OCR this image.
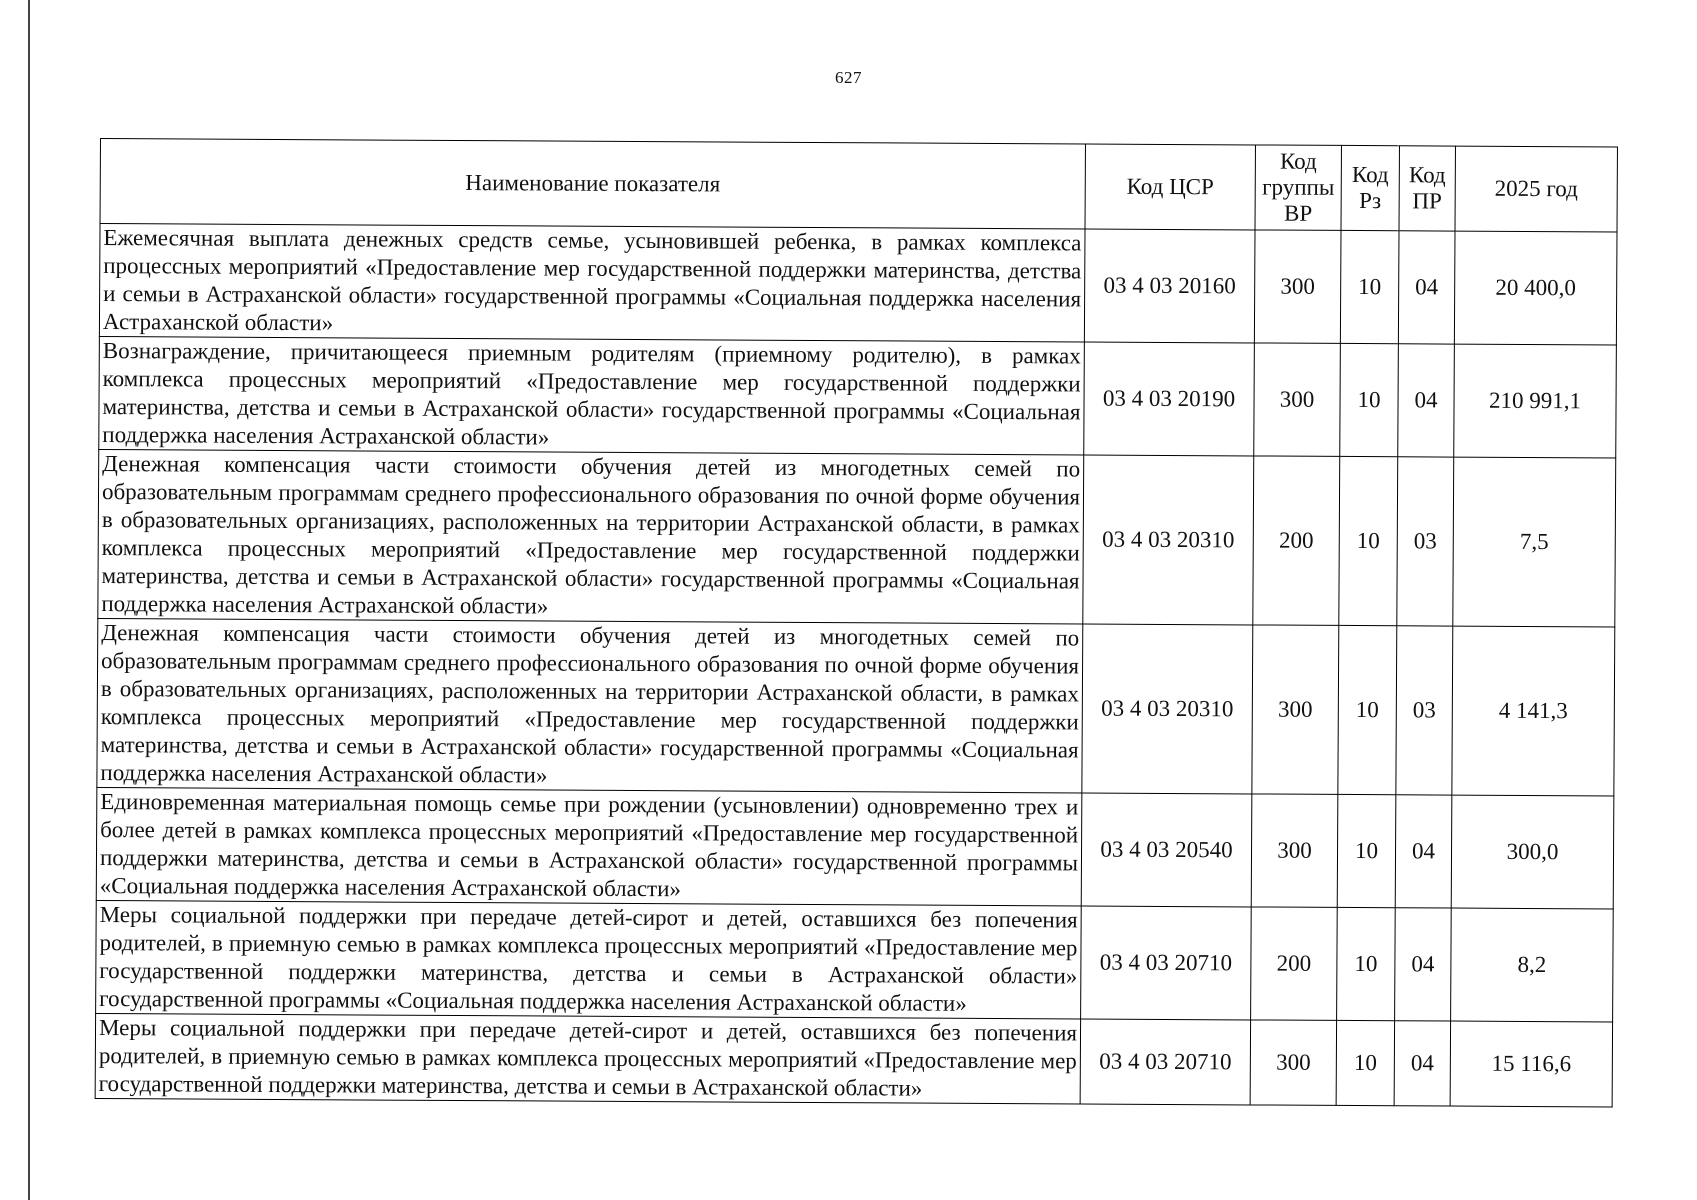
627
Наименование показателя	Код ЦСР	Код группы ВР	Код Рз	Код ПР	2025 год
Ежемесячная выплата денежных средств семье, усыновившей ребенка, в рамках комплекса процессных мероприятий «Предоставление мер государственной поддержки материнства, детства и семьи в Астраханской области» государственной программы «Социальная поддержка населения Астраханской области»	03 4 03 20160	300	10	04	20 400,0
Вознаграждение, причитающееся приемным родителям (приемному родителю), в рамках комплекса процессных мероприятий «Предоставление мер государственной поддержки материнства, детства и семьи в Астраханской области» государственной программы «Социальная поддержка населения Астраханской области»	03 4 03 20190	300	10	04	210 991,1
Денежная компенсация части стоимости обучения детей из многодетных семей по образовательным программам среднего профессионального образования по очной форме обучения в образовательных организациях, расположенных на территории Астраханской области, в рамках комплекса процессных мероприятий «Предоставление мер государственной поддержки материнства, детства и семьи в Астраханской области» государственной программы «Социальная поддержка населения Астраханской области»	03 4 03 20310	200	10	03	7,5
Денежная компенсация части стоимости обучения детей из многодетных семей по образовательным программам среднего профессионального образования по очной форме обучения в образовательных организациях, расположенных на территории Астраханской области, в рамках комплекса процессных мероприятий «Предоставление мер государственной поддержки материнства, детства и семьи в Астраханской области» государственной программы «Социальная поддержка населения Астраханской области»	03 4 03 20310	300	10	03	4 141,3
Единовременная материальная помощь семье при рождении (усыновлении) одновременно трех и более детей в рамках комплекса процессных мероприятий «Предоставление мер государственной поддержки материнства, детства и семьи в Астраханской области» государственной программы «Социальная поддержка населения Астраханской области»	03 4 03 20540	300	10	04	300,0
Меры социальной поддержки при передаче детей-сирот и детей, оставшихся без попечения родителей, в приемную семью в рамках комплекса процессных мероприятий «Предоставление мер государственной поддержки материнства, детства и семьи в Астраханской области» государственной программы «Социальная поддержка населения Астраханской области»	03 4 03 20710	200	10	04	8,2
Меры социальной поддержки при передаче детей-сирот и детей, оставшихся без попечения родителей, в приемную семью в рамках комплекса процессных мероприятий «Предоставление мер государственной поддержки материнства, детства и семьи в Астраханской области»	03 4 03 20710	300	10	04	15 116,6
